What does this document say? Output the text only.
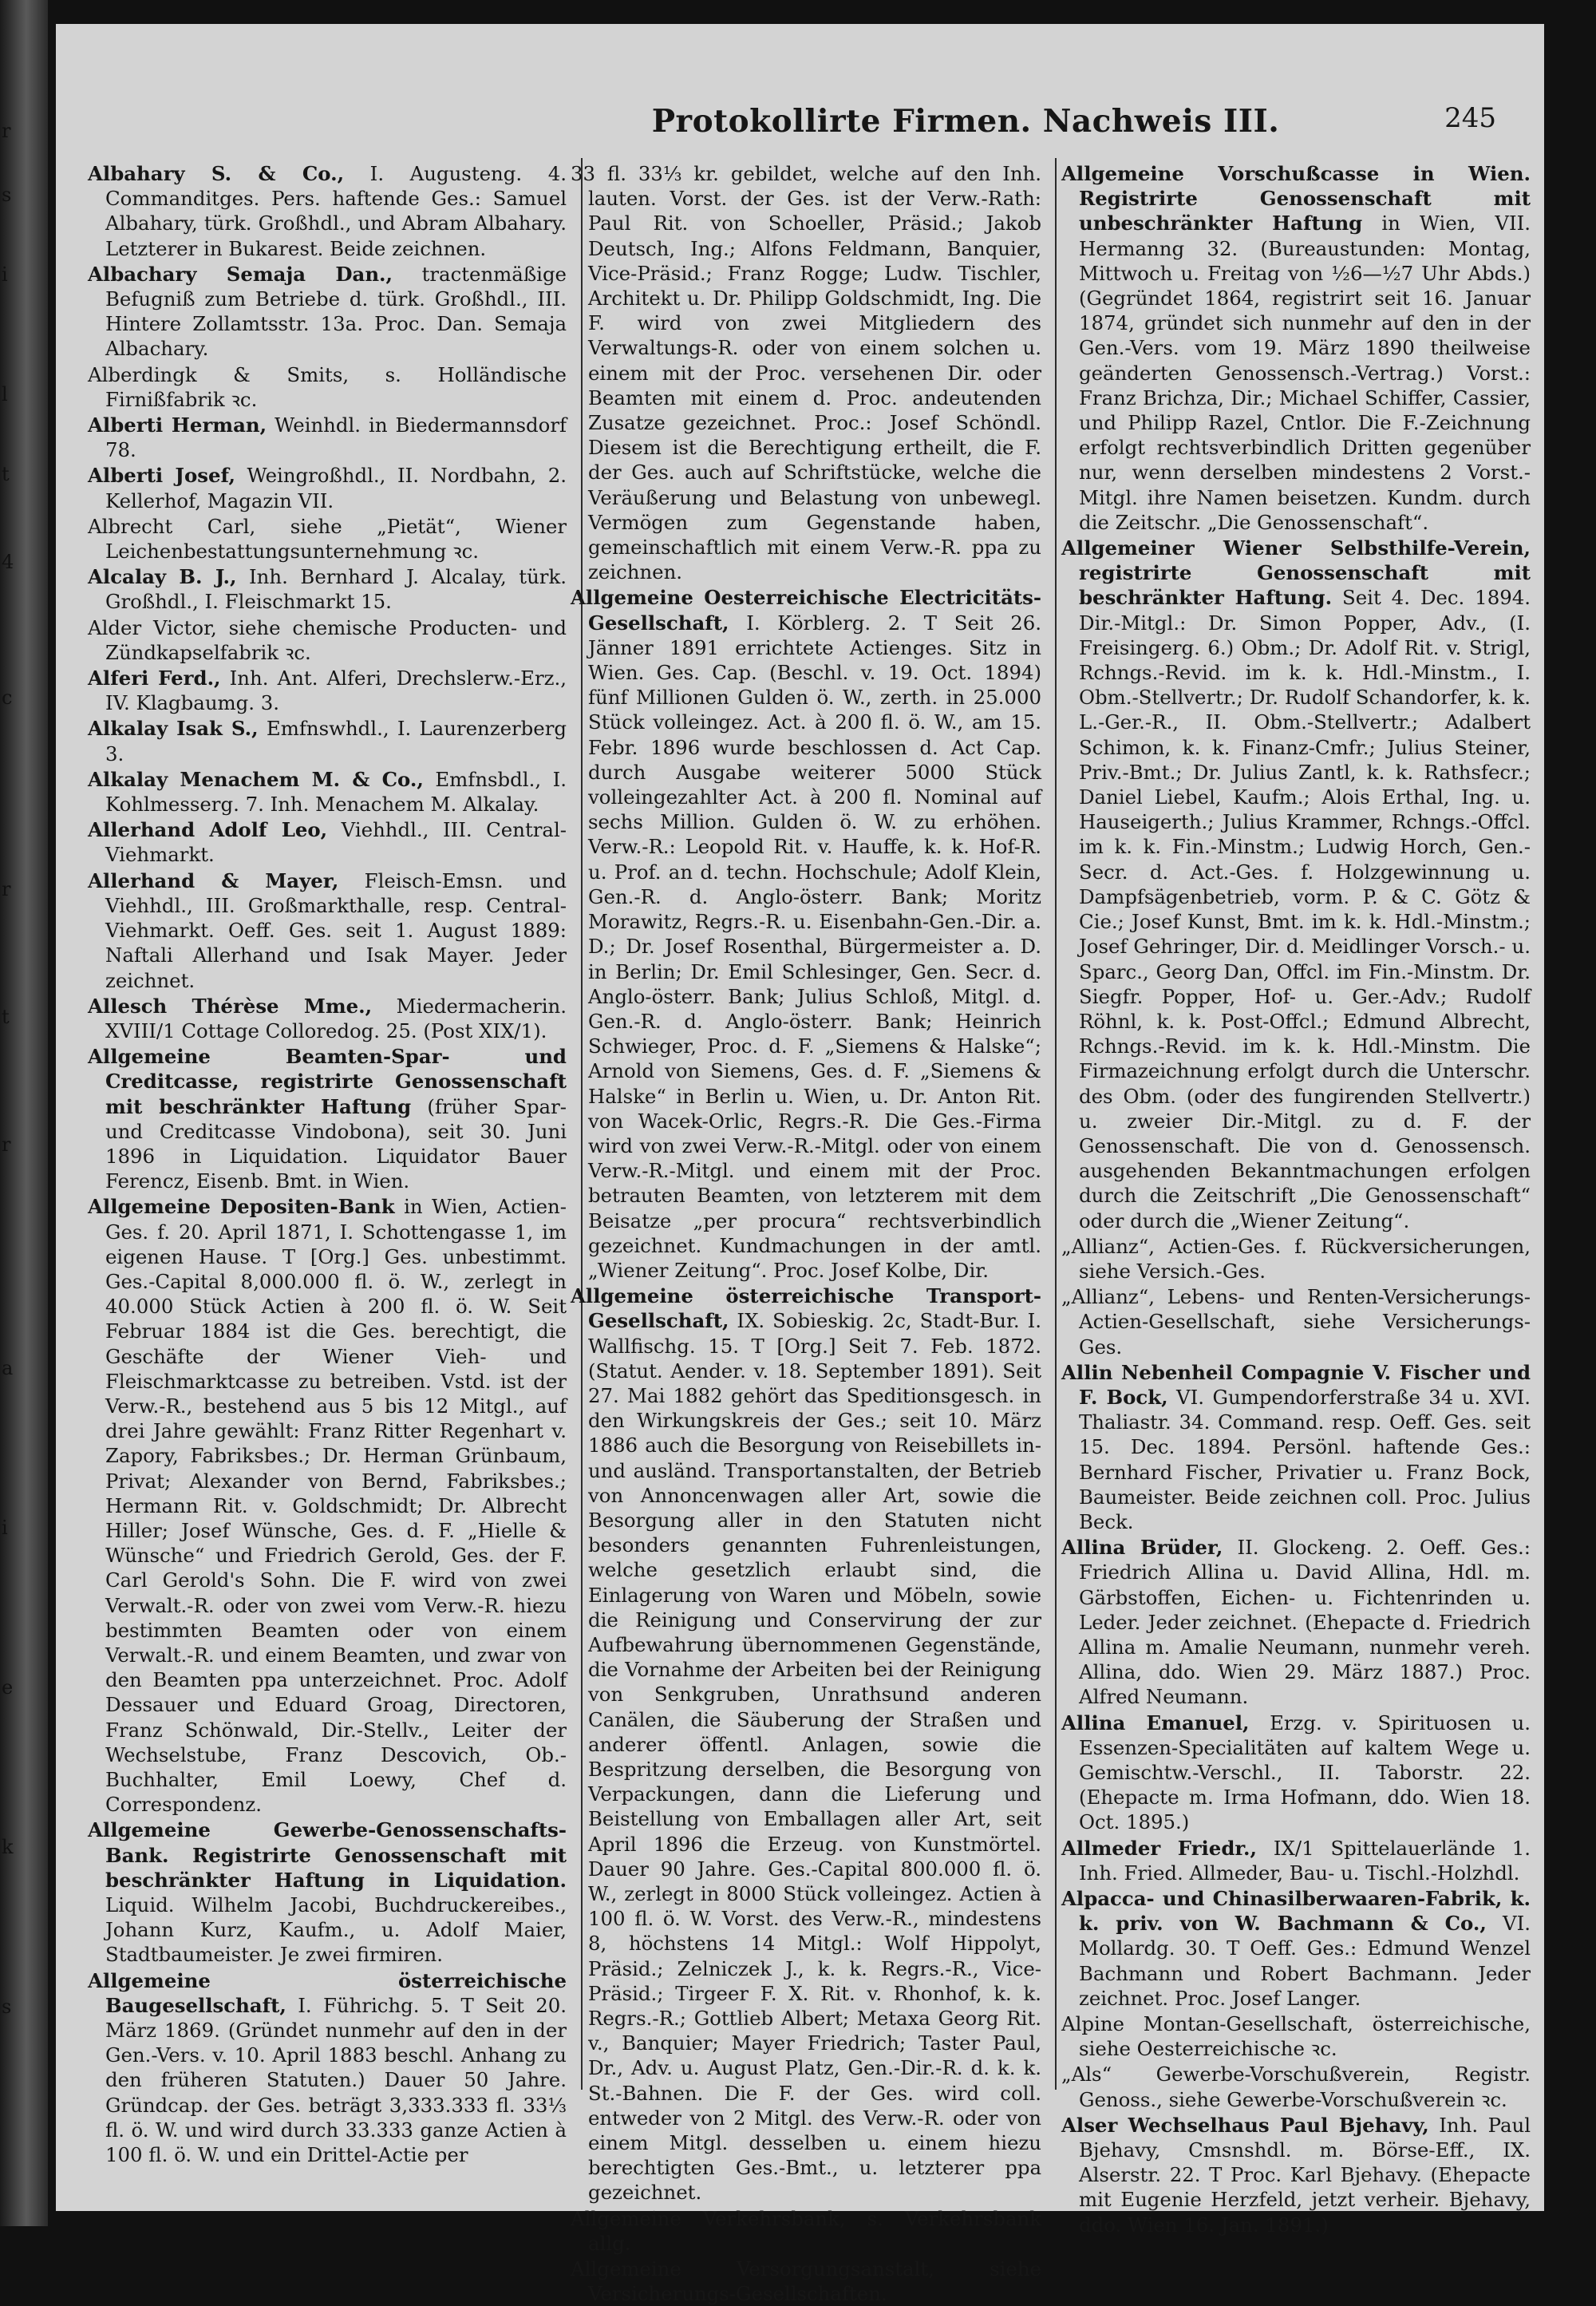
r
s
i
l
t
4
c
r
t
r
a
i
e
k
s
Protokollirte Firmen. Nachweis III.	245

Albahary S. & Co., I. Augusteng. 4. Commanditges. Pers. haftende Ges.: Samuel Albahary, türk. Großhdl., und Abram Albahary. Letzterer in Bukarest. Beide zeichnen.

Albachary Semaja Dan., tractenmäßige Befugniß zum Betriebe d. türk. Großhdl., III. Hintere Zollamtsstr. 13a. Proc. Dan. Semaja Albachary.

Alberdingk & Smits, s. Holländische Firnißfabrik ꝛc.

Alberti Herman, Weinhdl. in Biedermannsdorf 78.

Alberti Josef, Weingroßhdl., II. Nordbahn, 2. Kellerhof, Magazin VII.

Albrecht Carl, siehe „Pietät“, Wiener Leichenbestattungsunternehmung ꝛc.

Alcalay B. J., Inh. Bernhard J. Alcalay, türk. Großhdl., I. Fleischmarkt 15.

Alder Victor, siehe chemische Producten- und Zündkapselfabrik ꝛc.

Alferi Ferd., Inh. Ant. Alferi, Drechslerw.-Erz., IV. Klagbaumg. 3.

Alkalay Isak S., Emfnswhdl., I. Laurenzerberg 3.

Alkalay Menachem M. & Co., Emfnsbdl., I. Kohlmesserg. 7. Inh. Menachem M. Alkalay.

Allerhand Adolf Leo, Viehhdl., III. Central-Viehmarkt.

Allerhand & Mayer, Fleisch-Emsn. und Viehhdl., III. Großmarkthalle, resp. Central-Viehmarkt. Oeff. Ges. seit 1. August 1889: Naftali Allerhand und Isak Mayer. Jeder zeichnet.

Allesch Thérèse Mme., Miedermacherin. XVIII/1 Cottage Colloredog. 25. (Post XIX/1).

Allgemeine Beamten-Spar- und Creditcasse, registrirte Genossenschaft mit beschränkter Haftung (früher Spar- und Creditcasse Vindobona), seit 30. Juni 1896 in Liquidation. Liquidator Bauer Ferencz, Eisenb. Bmt. in Wien.

Allgemeine Depositen-Bank in Wien, Actien-Ges. f. 20. April 1871, I. Schottengasse 1, im eigenen Hause. T [Org.] Ges. unbestimmt. Ges.-Capital 8,000.000 fl. ö. W., zerlegt in 40.000 Stück Actien à 200 fl. ö. W. Seit Februar 1884 ist die Ges. berechtigt, die Geschäfte der Wiener Vieh- und Fleischmarktcasse zu betreiben. Vstd. ist der Verw.-R., bestehend aus 5 bis 12 Mitgl., auf drei Jahre gewählt: Franz Ritter Regenhart v. Zapory, Fabriksbes.; Dr. Herman Grünbaum, Privat; Alexander von Bernd, Fabriksbes.; Hermann Rit. v. Goldschmidt; Dr. Albrecht Hiller; Josef Wünsche, Ges. d. F. „Hielle & Wünsche“ und Friedrich Gerold, Ges. der F. Carl Gerold's Sohn. Die F. wird von zwei Verwalt.-R. oder von zwei vom Verw.-R. hiezu bestimmten Beamten oder von einem Verwalt.-R. und einem Beamten, und zwar von den Beamten ppa unterzeichnet. Proc. Adolf Dessauer und Eduard Groag, Directoren, Franz Schönwald, Dir.-Stellv., Leiter der Wechselstube, Franz Descovich, Ob.-Buchhalter, Emil Loewy, Chef d. Correspondenz.

Allgemeine Gewerbe-Genossenschafts-Bank. Registrirte Genossenschaft mit beschränkter Haftung in Liquidation. Liquid. Wilhelm Jacobi, Buchdruckereibes., Johann Kurz, Kaufm., u. Adolf Maier, Stadtbaumeister. Je zwei firmiren.

Allgemeine österreichische Baugesellschaft, I. Führichg. 5. T Seit 20. März 1869. (Gründet nunmehr auf den in der Gen.-Vers. v. 10. April 1883 beschl. Anhang zu den früheren Statuten.) Dauer 50 Jahre. Gründcap. der Ges. beträgt 3,333.333 fl. 33⅓ fl. ö. W. und wird durch 33.333 ganze Actien à 100 fl. ö. W. und ein Drittel-Actie per

33 fl. 33⅓ kr. gebildet, welche auf den Inh. lauten. Vorst. der Ges. ist der Verw.-Rath: Paul Rit. von Schoeller, Präsid.; Jakob Deutsch, Ing.; Alfons Feldmann, Banquier, Vice-Präsid.; Franz Rogge; Ludw. Tischler, Architekt u. Dr. Philipp Goldschmidt, Ing. Die F. wird von zwei Mitgliedern des Verwaltungs-R. oder von einem solchen u. einem mit der Proc. versehenen Dir. oder Beamten mit einem d. Proc. andeutenden Zusatze gezeichnet. Proc.: Josef Schöndl. Diesem ist die Berechtigung ertheilt, die F. der Ges. auch auf Schriftstücke, welche die Veräußerung und Belastung von unbewegl. Vermögen zum Gegenstande haben, gemeinschaftlich mit einem Verw.-R. ppa zu zeichnen.

Allgemeine Oesterreichische Electricitäts-Gesellschaft, I. Körblerg. 2. T Seit 26. Jänner 1891 errichtete Actienges. Sitz in Wien. Ges. Cap. (Beschl. v. 19. Oct. 1894) fünf Millionen Gulden ö. W., zerth. in 25.000 Stück volleingez. Act. à 200 fl. ö. W., am 15. Febr. 1896 wurde beschlossen d. Act Cap. durch Ausgabe weiterer 5000 Stück volleingezahlter Act. à 200 fl. Nominal auf sechs Million. Gulden ö. W. zu erhöhen. Verw.-R.: Leopold Rit. v. Hauffe, k. k. Hof-R. u. Prof. an d. techn. Hochschule; Adolf Klein, Gen.-R. d. Anglo-österr. Bank; Moritz Morawitz, Regrs.-R. u. Eisenbahn-Gen.-Dir. a. D.; Dr. Josef Rosenthal, Bürgermeister a. D. in Berlin; Dr. Emil Schlesinger, Gen. Secr. d. Anglo-österr. Bank; Julius Schloß, Mitgl. d. Gen.-R. d. Anglo-österr. Bank; Heinrich Schwieger, Proc. d. F. „Siemens & Halske“; Arnold von Siemens, Ges. d. F. „Siemens & Halske“ in Berlin u. Wien, u. Dr. Anton Rit. von Wacek-Orlic, Regrs.-R. Die Ges.-Firma wird von zwei Verw.-R.-Mitgl. oder von einem Verw.-R.-Mitgl. und einem mit der Proc. betrauten Beamten, von letzterem mit dem Beisatze „per procura“ rechtsverbindlich gezeichnet. Kundmachungen in der amtl. „Wiener Zeitung“. Proc. Josef Kolbe, Dir.

Allgemeine österreichische Transport-Gesellschaft, IX. Sobieskig. 2c, Stadt-Bur. I. Wallfischg. 15. T [Org.] Seit 7. Feb. 1872. (Statut. Aender. v. 18. September 1891). Seit 27. Mai 1882 gehört das Speditionsgesch. in den Wirkungskreis der Ges.; seit 10. März 1886 auch die Besorgung von Reisebillets in- und ausländ. Transportanstalten, der Betrieb von Annoncenwagen aller Art, sowie die Besorgung aller in den Statuten nicht besonders genannten Fuhrenleistungen, welche gesetzlich erlaubt sind, die Einlagerung von Waren und Möbeln, sowie die Reinigung und Conservirung der zur Aufbewahrung übernommenen Gegenstände, die Vornahme der Arbeiten bei der Reinigung von Senkgruben, Unrathsund anderen Canälen, die Säuberung der Straßen und anderer öffentl. Anlagen, sowie die Bespritzung derselben, die Besorgung von Verpackungen, dann die Lieferung und Beistellung von Emballagen aller Art, seit April 1896 die Erzeug. von Kunstmörtel. Dauer 90 Jahre. Ges.-Capital 800.000 fl. ö. W., zerlegt in 8000 Stück volleingez. Actien à 100 fl. ö. W. Vorst. des Verw.-R., mindestens 8, höchstens 14 Mitgl.: Wolf Hippolyt, Präsid.; Zelniczek J., k. k. Regrs.-R., Vice-Präsid.; Tirgeer F. X. Rit. v. Rhonhof, k. k. Regrs.-R.; Gottlieb Albert; Metaxa Georg Rit. v., Banquier; Mayer Friedrich; Taster Paul, Dr., Adv. u. August Platz, Gen.-Dir.-R. d. k. k. St.-Bahnen. Die F. der Ges. wird coll. entweder von 2 Mitgl. des Verw.-R. oder von einem Mitgl. desselben u. einem hiezu berechtigten Ges.-Bmt., u. letzterer ppa gezeichnet.

Allgemeine Verkehrsbank, s. Verkehrsbank allg.

Allgemeine Versorgungsanstalt, siehe Versicherungs-Gesellschaften.

Allgemeine Vorschußcasse in Wien. Registrirte Genossenschaft mit unbeschränkter Haftung in Wien, VII. Hermanng 32. (Bureaustunden: Montag, Mittwoch u. Freitag von ½6—½7 Uhr Abds.) (Gegründet 1864, registrirt seit 16. Januar 1874, gründet sich nunmehr auf den in der Gen.-Vers. vom 19. März 1890 theilweise geänderten Genossensch.-Vertrag.) Vorst.: Franz Brichza, Dir.; Michael Schiffer, Cassier, und Philipp Razel, Cntlor. Die F.-Zeichnung erfolgt rechtsverbindlich Dritten gegenüber nur, wenn derselben mindestens 2 Vorst.-Mitgl. ihre Namen beisetzen. Kundm. durch die Zeitschr. „Die Genossenschaft“.

Allgemeiner Wiener Selbsthilfe-Verein, registrirte Genossenschaft mit beschränkter Haftung. Seit 4. Dec. 1894. Dir.-Mitgl.: Dr. Simon Popper, Adv., (I. Freisingerg. 6.) Obm.; Dr. Adolf Rit. v. Strigl, Rchngs.-Revid. im k. k. Hdl.-Minstm., I. Obm.-Stellvertr.; Dr. Rudolf Schandorfer, k. k. L.-Ger.-R., II. Obm.-Stellvertr.; Adalbert Schimon, k. k. Finanz-Cmfr.; Julius Steiner, Priv.-Bmt.; Dr. Julius Zantl, k. k. Rathsfecr.; Daniel Liebel, Kaufm.; Alois Erthal, Ing. u. Hauseigerth.; Julius Krammer, Rchngs.-Offcl. im k. k. Fin.-Minstm.; Ludwig Horch, Gen.-Secr. d. Act.-Ges. f. Holzgewinnung u. Dampfsägenbetrieb, vorm. P. & C. Götz & Cie.; Josef Kunst, Bmt. im k. k. Hdl.-Minstm.; Josef Gehringer, Dir. d. Meidlinger Vorsch.- u. Sparc., Georg Dan, Offcl. im Fin.-Minstm. Dr. Siegfr. Popper, Hof- u. Ger.-Adv.; Rudolf Röhnl, k. k. Post-Offcl.; Edmund Albrecht, Rchngs.-Revid. im k. k. Hdl.-Minstm. Die Firmazeichnung erfolgt durch die Unterschr. des Obm. (oder des fungirenden Stellvertr.) u. zweier Dir.-Mitgl. zu d. F. der Genossenschaft. Die von d. Genossensch. ausgehenden Bekanntmachungen erfolgen durch die Zeitschrift „Die Genossenschaft“ oder durch die „Wiener Zeitung“.

„Allianz“, Actien-Ges. f. Rückversicherungen, siehe Versich.-Ges.

„Allianz“, Lebens- und Renten-Versicherungs-Actien-Gesellschaft, siehe Versicherungs-Ges.

Allin Nebenheil Compagnie V. Fischer und F. Bock, VI. Gumpendorferstraße 34 u. XVI. Thaliastr. 34. Command. resp. Oeff. Ges. seit 15. Dec. 1894. Persönl. haftende Ges.: Bernhard Fischer, Privatier u. Franz Bock, Baumeister. Beide zeichnen coll. Proc. Julius Beck.

Allina Brüder, II. Glockeng. 2. Oeff. Ges.: Friedrich Allina u. David Allina, Hdl. m. Gärbstoffen, Eichen- u. Fichtenrinden u. Leder. Jeder zeichnet. (Ehepacte d. Friedrich Allina m. Amalie Neumann, nunmehr vereh. Allina, ddo. Wien 29. März 1887.) Proc. Alfred Neumann.

Allina Emanuel, Erzg. v. Spirituosen u. Essenzen-Specialitäten auf kaltem Wege u. Gemischtw.-Verschl., II. Taborstr. 22. (Ehepacte m. Irma Hofmann, ddo. Wien 18. Oct. 1895.)

Allmeder Friedr., IX/1 Spittelauerlände 1. Inh. Fried. Allmeder, Bau- u. Tischl.-Holzhdl.

Alpacca- und Chinasilberwaaren-Fabrik, k. k. priv. von W. Bachmann & Co., VI. Mollardg. 30. T Oeff. Ges.: Edmund Wenzel Bachmann und Robert Bachmann. Jeder zeichnet. Proc. Josef Langer.

Alpine Montan-Gesellschaft, österreichische, siehe Oesterreichische ꝛc.

„Als“ Gewerbe-Vorschußverein, Registr. Genoss., siehe Gewerbe-Vorschußverein ꝛc.

Alser Wechselhaus Paul Bjehavy, Inh. Paul Bjehavy, Cmsnshdl. m. Börse-Eff., IX. Alserstr. 22. T Proc. Karl Bjehavy. (Ehepacte mit Eugenie Herzfeld, jetzt verheir. Bjehavy, ddo. Wien 16. Jan. 1891.)
